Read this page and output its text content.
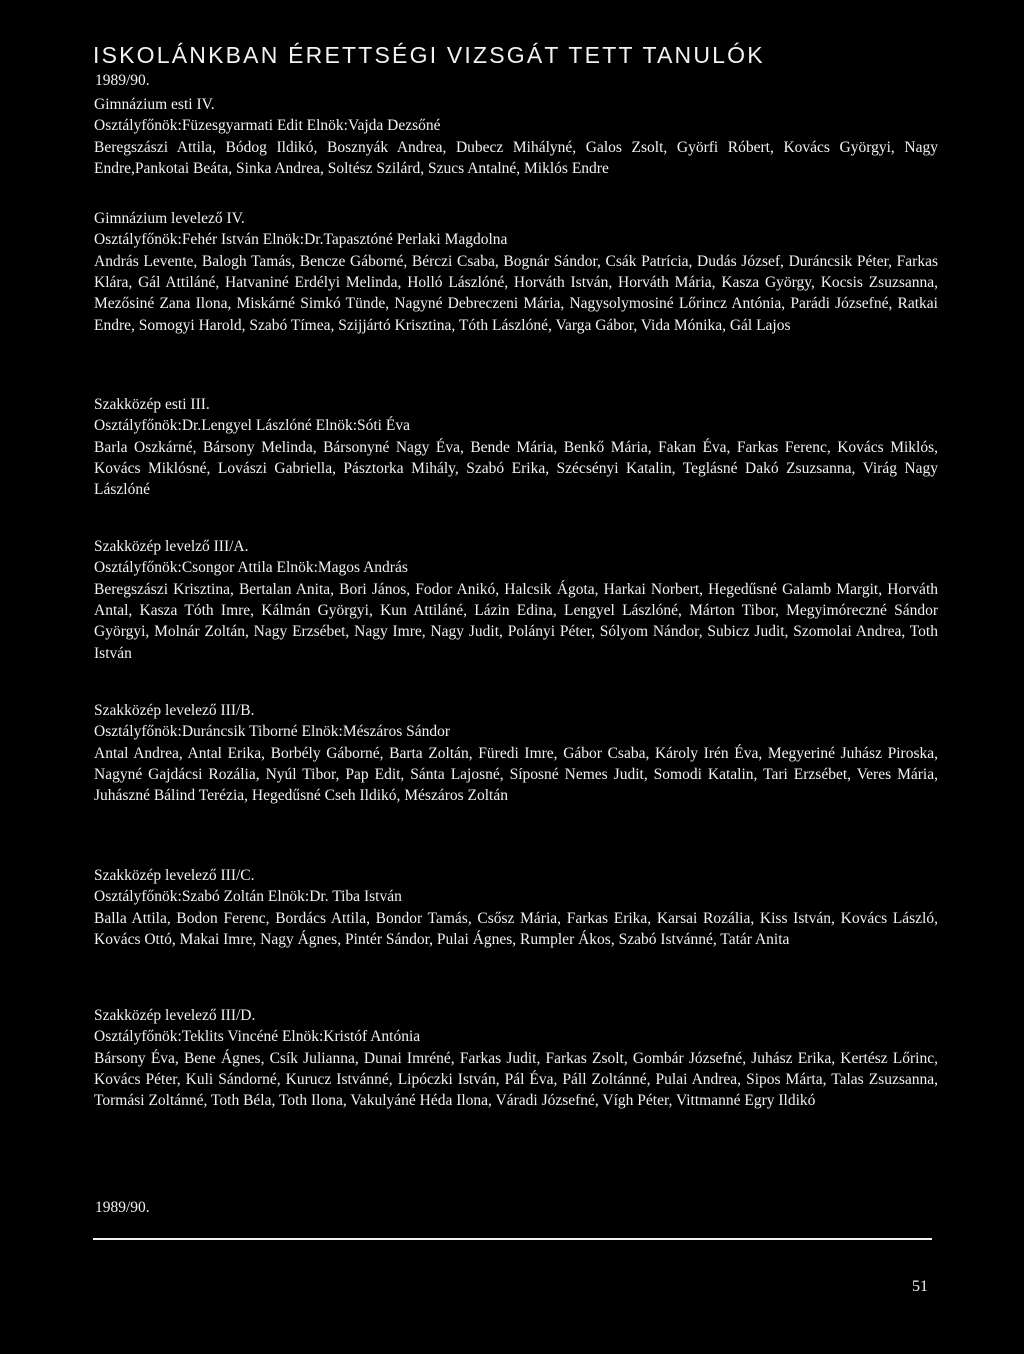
ISKOLÁNKBAN ÉRETTSÉGI VIZSGÁT TETT TANULÓK
1989/90.
Gimnázium esti IV.
Osztályfőnök:Füzesgyarmati Edit Elnök:Vajda Dezsőné
Beregszászi Attila, Bódog Ildikó, Bosznyák Andrea, Dubecz Mihályné, Galos Zsolt, Györfi Róbert, Kovács Györgyi, Nagy Endre,Pankotai Beáta, Sinka Andrea, Soltész Szilárd, Szucs Antalné, Miklós Endre
Gimnázium levelező IV.
Osztályfőnök:Fehér István Elnök:Dr.Tapasztóné Perlaki Magdolna
András Levente, Balogh Tamás, Bencze Gáborné, Bérczi Csaba, Bognár Sándor, Csák Patrícia, Dudás József, Duráncsik Péter, Farkas Klára, Gál Attiláné, Hatvaniné Erdélyi Melinda, Holló Lászlóné, Horváth István, Horváth Mária, Kasza György, Kocsis Zsuzsanna, Mezősiné Zana Ilona, Miskárné Simkó Tünde, Nagyné Debreczeni Mária, Nagysolymosiné Lőrincz Antónia, Parádi Józsefné, Ratkai Endre, Somogyi Harold, Szabó Tímea, Szijjártó Krisztina, Tóth Lászlóné, Varga Gábor, Vida Mónika, Gál Lajos
Szakközép esti III.
Osztályfőnök:Dr.Lengyel Lászlóné Elnök:Sóti Éva
Barla Oszkárné, Bársony Melinda, Bársonyné Nagy Éva, Bende Mária, Benkő Mária, Fakan Éva, Farkas Ferenc, Kovács Miklós, Kovács Miklósné, Lovászi Gabriella, Pásztorka Mihály, Szabó Erika, Szécsényi Katalin, Teglásné Dakó Zsuzsanna, Virág Nagy Lászlóné
Szakközép levelző III/A.
Osztályfőnök:Csongor Attila Elnök:Magos András
Beregszászi Krisztina, Bertalan Anita, Bori János, Fodor Anikó, Halcsik Ágota, Harkai Norbert, Hegedűsné Galamb Margit, Horváth Antal, Kasza Tóth Imre, Kálmán Györgyi, Kun Attiláné, Lázin Edina, Lengyel Lászlóné, Márton Tibor, Megyimóreczné Sándor Györgyi, Molnár Zoltán, Nagy Erzsébet, Nagy Imre, Nagy Judit, Polányi Péter, Sólyom Nándor, Subicz Judit, Szomolai Andrea, Toth István
Szakközép levelező III/B.
Osztályfőnök:Duráncsik Tiborné Elnök:Mészáros Sándor
Antal Andrea, Antal Erika, Borbély Gáborné, Barta Zoltán, Füredi Imre, Gábor Csaba, Károly Irén Éva, Megyeriné Juhász Piroska, Nagyné Gajdácsi Rozália, Nyúl Tibor, Pap Edit, Sánta Lajosné, Síposné Nemes Judit, Somodi Katalin, Tari Erzsébet, Veres Mária, Juhászné Bálind Terézia, Hegedűsné Cseh Ildikó, Mészáros Zoltán
Szakközép levelező III/C.
Osztályfőnök:Szabó Zoltán Elnök:Dr. Tiba István
Balla Attila, Bodon Ferenc, Bordács Attila, Bondor Tamás, Csősz Mária, Farkas Erika, Karsai Rozália, Kiss István, Kovács László, Kovács Ottó, Makai Imre, Nagy Ágnes, Pintér Sándor, Pulai Ágnes, Rumpler Ákos, Szabó Istvánné, Tatár Anita
Szakközép levelező III/D.
Osztályfőnök:Teklits Vincéné Elnök:Kristóf Antónia
Bársony Éva, Bene Ágnes, Csík Julianna, Dunai Imréné, Farkas Judit, Farkas Zsolt, Gombár Józsefné, Juhász Erika, Kertész Lőrinc, Kovács Péter, Kuli Sándorné, Kurucz Istvánné, Lipóczki István, Pál Éva, Páll Zoltánné, Pulai Andrea, Sipos Márta, Talas Zsuzsanna, Tormási Zoltánné, Toth Béla, Toth Ilona, Vakulyáné Héda Ilona, Váradi Józsefné, Vígh Péter, Vittmanné Egry Ildikó
1989/90.
51
